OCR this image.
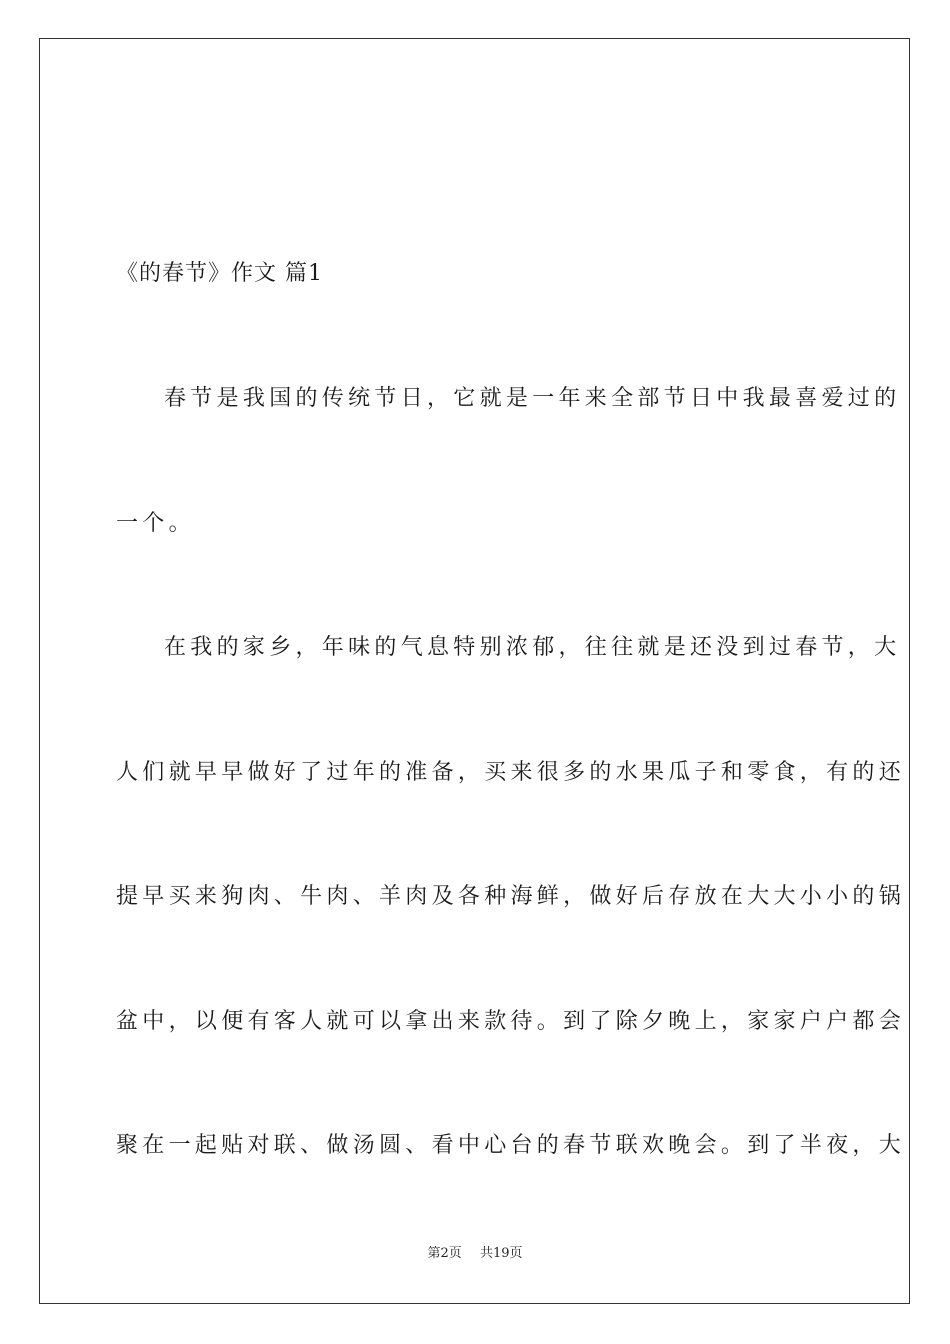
《的春节》作文 篇1
春节是我国的传统节日，它就是一年来全部节日中我最喜爱过的
一个。
在我的家乡，年味的气息特别浓郁，往往就是还没到过春节，大
人们就早早做好了过年的准备，买来很多的水果瓜子和零食，有的还
提早买来狗肉、牛肉、羊肉及各种海鲜，做好后存放在大大小小的锅
盆中，以便有客人就可以拿出来款待。到了除夕晚上，家家户户都会
聚在一起贴对联、做汤圆、看中心台的春节联欢晚会。到了半夜，大
第2页 共19页
